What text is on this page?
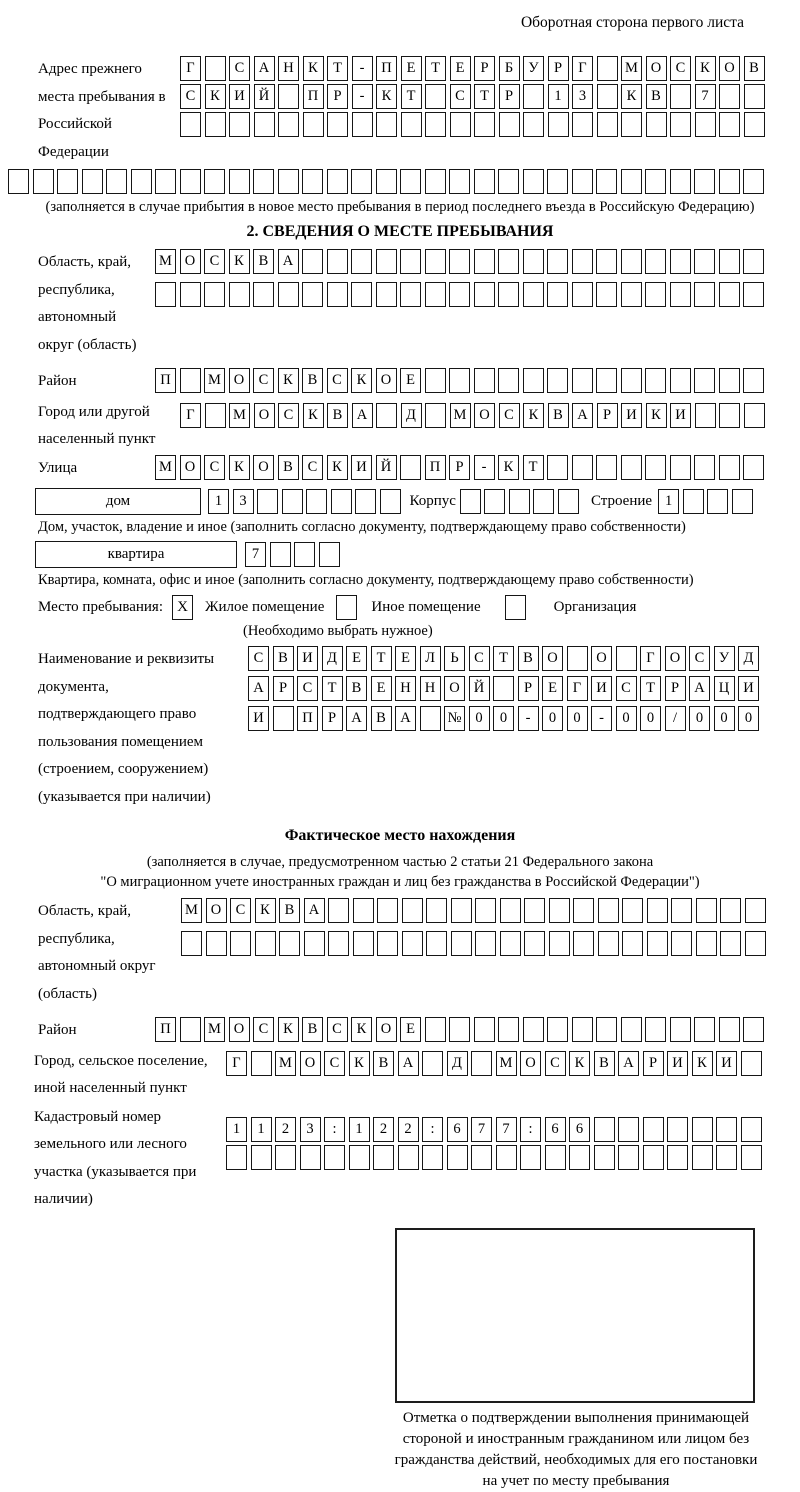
Оборотная сторона первого листа
Адрес прежнего места пребывания в Российской Федерации
Г	С А Н К	Т	-	П	Е	Т	Е	Р	Б	У	Р	Г	М О С	К О В
С	К И Й	П	Р	-	К	Т	С	Т	Р	1	3	К	В	7
(заполняется в случае прибытия в новое место пребывания в период последнего въезда в Российскую Федерацию)
2. СВЕДЕНИЯ О МЕСТЕ ПРЕБЫВАНИЯ
Область, край, республика, автономный округ (область)
М О С	К	В А
Район	П	М О С	К	В	С	К О	Е
Город или другой населенный пункт
Г	М О С	К	В А	Д	М О С	К	В А	Р	И К И
Улица	М О С	К О В	С	К И Й	П	Р	-	К	Т
дом	1	3	Корпус	Строение 1
Дом, участок, владение и иное (заполнить согласно документу, подтверждающему право собственности)
квартира	7
Квартира, комната, офис и иное (заполнить согласно документу, подтверждающему право собственности)
Место пребывания: X	Жилое помещение	Иное помещение	Организация
(Необходимо выбрать нужное)
Наименование и реквизиты документа, подтверждающего право пользования помещением (строением, сооружением) (указывается при наличии)
С	В И Д	Е	Т	Е	Л	Ь	С	Т	В О	О	Г	О С	У Д
А	Р	С	Т	В	Е	Н Н О Й	Р	Е	Г	И С	Т	Р	А Ц И
И	П	Р	А В А	№ 0	0	-	0	0	-	0	0	/	0	0	0
Фактическое место нахождения
(заполняется в случае, предусмотренном частью 2 статьи 21 Федерального закона
"О миграционном учете иностранных граждан и лиц без гражданства в Российской Федерации")
Область, край, республика, автономный округ (область)
М О С	К	В А
Район	П	М О С	К	В	С	К О	Е
Город, сельское поселение, иной населенный пункт
Г	М О С	К	В А	Д	М О С	К	В А	Р	И К И
Кадастровый номер земельного или лесного участка (указывается при наличии)
1	1	2	3	:	1	2	2	:	6	7	7	:	6	6
Отметка о подтверждении выполнения принимающей стороной и иностранным гражданином или лицом без гражданства действий, необходимых для его постановки на учет по месту пребывания
